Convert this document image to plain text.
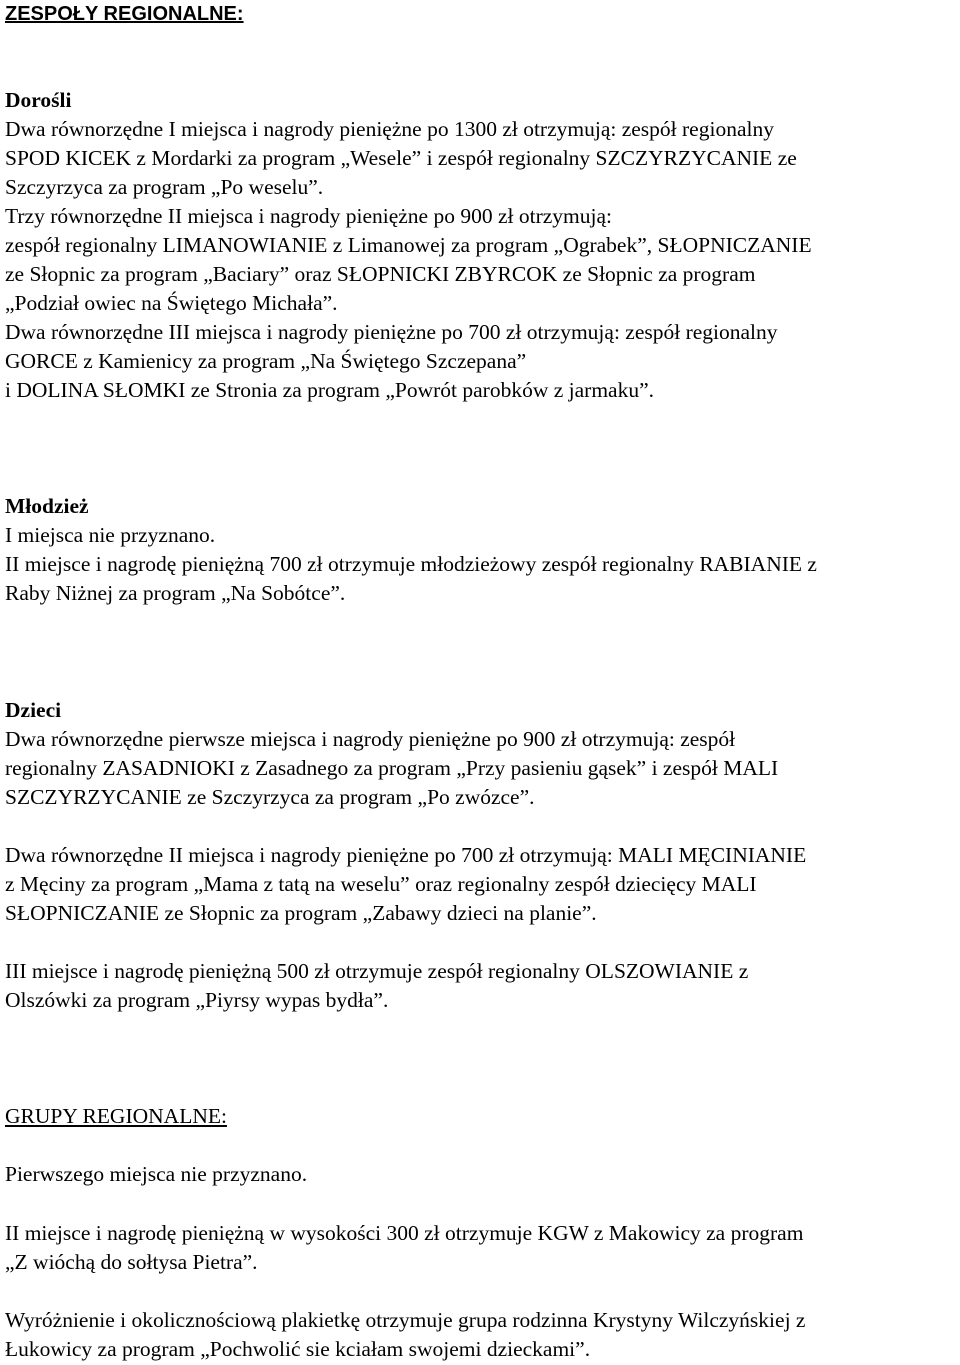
ZESPOŁY REGIONALNE:
Dorośli
Dwa równorzędne I miejsca i nagrody pieniężne po 1300 zł otrzymują: zespół regionalny
SPOD KICEK z Mordarki za program „Wesele” i zespół regionalny SZCZYRZYCANIE ze
Szczyrzyca za program „Po weselu”.
Trzy równorzędne II miejsca i nagrody pieniężne po 900 zł otrzymują:
zespół regionalny LIMANOWIANIE z Limanowej za program „Ograbek”, SŁOPNICZANIE
ze Słopnic za program „Baciary” oraz SŁOPNICKI ZBYRCOK ze Słopnic za program
„Podział owiec na Świętego Michała”.
Dwa równorzędne III miejsca i nagrody pieniężne po 700 zł otrzymują: zespół regionalny
GORCE z Kamienicy za program „Na Świętego Szczepana”
i DOLINA SŁOMKI ze Stronia za program „Powrót parobków z jarmaku”.
Młodzież
I miejsca nie przyznano.
II miejsce i nagrodę pieniężną 700 zł otrzymuje młodzieżowy zespół regionalny RABIANIE z
Raby Niżnej za program „Na Sobótce”.
Dzieci
Dwa równorzędne pierwsze miejsca i nagrody pieniężne po 900 zł otrzymują: zespół
regionalny ZASADNIOKI z Zasadnego za program „Przy pasieniu gąsek” i zespół MALI
SZCZYRZYCANIE ze Szczyrzyca za program „Po zwózce”.
Dwa równorzędne II miejsca i nagrody pieniężne po 700 zł otrzymują: MALI MĘCINIANIE
z Męciny za program „Mama z tatą na weselu” oraz regionalny zespół dziecięcy MALI
SŁOPNICZANIE ze Słopnic za program „Zabawy dzieci na planie”.
III miejsce i nagrodę pieniężną 500 zł otrzymuje zespół regionalny OLSZOWIANIE z
Olszówki za program „Piyrsy wypas bydła”.
GRUPY REGIONALNE:
Pierwszego miejsca nie przyznano.
II miejsce i nagrodę pieniężną w wysokości 300 zł otrzymuje KGW z Makowicy za program
„Z wióchą do sołtysa Pietra”.
Wyróżnienie i okolicznościową plakietkę otrzymuje grupa rodzinna Krystyny Wilczyńskiej z
Łukowicy za program „Pochwolić sie kciałam swojemi dzieckami”.
